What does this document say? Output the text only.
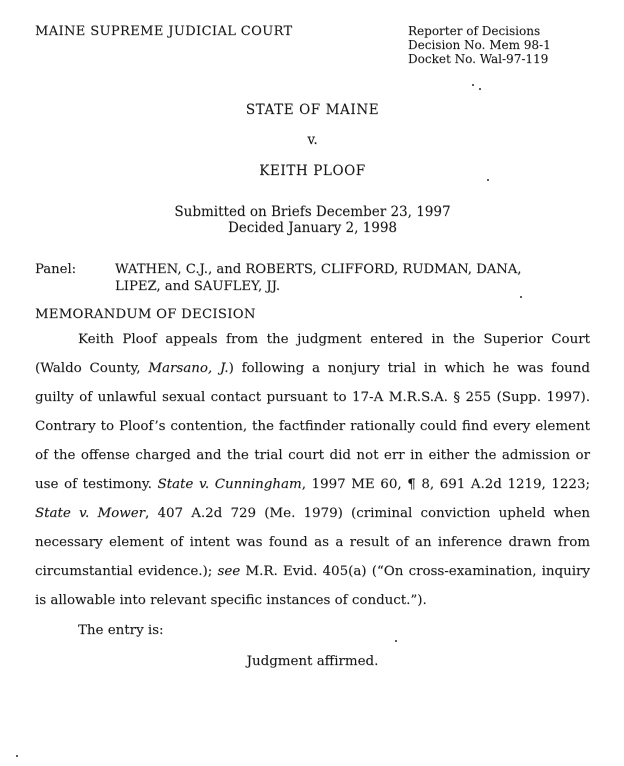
MAINE SUPREME JUDICIAL COURT	Reporter of Decisions
Decision No. Mem 98-1
Docket No. Wal-97-119
STATE OF MAINE
v.
KEITH PLOOF
Submitted on Briefs December 23, 1997
Decided January 2, 1998
Panel:	WATHEN, C.J., and ROBERTS, CLIFFORD, RUDMAN, DANA, LIPEZ, and SAUFLEY, JJ.
MEMORANDUM OF DECISION
Keith Ploof appeals from the judgment entered in the Superior Court (Waldo County, Marsano, J.) following a nonjury trial in which he was found guilty of unlawful sexual contact pursuant to 17-A M.R.S.A. § 255 (Supp. 1997). Contrary to Ploof’s contention, the factfinder rationally could find every element of the offense charged and the trial court did not err in either the admission or use of testimony. State v. Cunningham, 1997 ME 60, ¶ 8, 691 A.2d 1219, 1223; State v. Mower, 407 A.2d 729 (Me. 1979) (criminal conviction upheld when necessary element of intent was found as a result of an inference drawn from circumstantial evidence.); see M.R. Evid. 405(a) (“On cross-examination, inquiry is allowable into relevant specific instances of conduct.”).
The entry is:
Judgment affirmed.
